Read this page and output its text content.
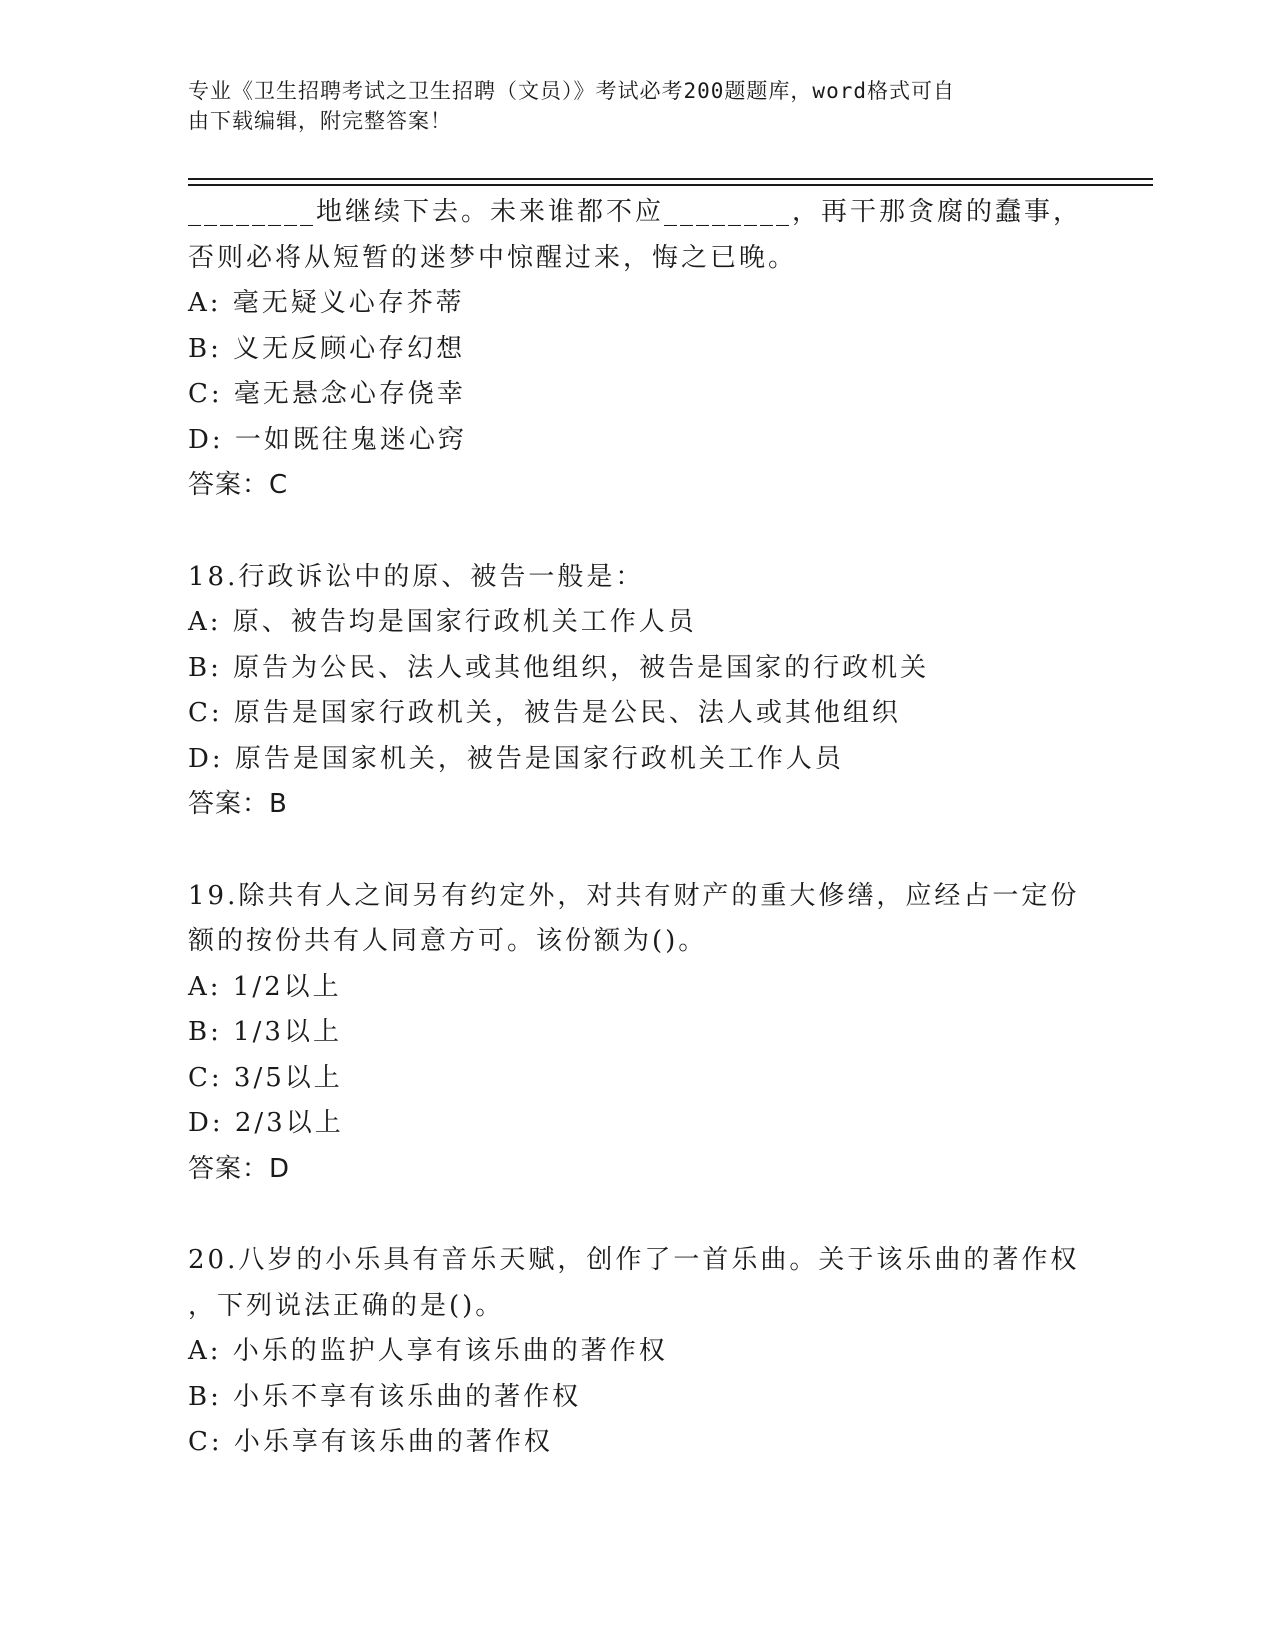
专业《卫生招聘考试之卫生招聘（文员）》考试必考200题题库，word格式可自
由下载编辑，附完整答案！
________地继续下去。未来谁都不应________，再干那贪腐的蠢事，
否则必将从短暂的迷梦中惊醒过来，悔之已晚。
A: 毫无疑义心存芥蒂
B: 义无反顾心存幻想
C: 毫无悬念心存侥幸
D: 一如既往鬼迷心窍
答案：C
18.行政诉讼中的原、被告一般是：
A: 原、被告均是国家行政机关工作人员
B: 原告为公民、法人或其他组织，被告是国家的行政机关
C: 原告是国家行政机关，被告是公民、法人或其他组织
D: 原告是国家机关，被告是国家行政机关工作人员
答案：B
19.除共有人之间另有约定外，对共有财产的重大修缮，应经占一定份
额的按份共有人同意方可。该份额为()。
A: 1/2以上
B: 1/3以上
C: 3/5以上
D: 2/3以上
答案：D
20.八岁的小乐具有音乐天赋，创作了一首乐曲。关于该乐曲的著作权
，下列说法正确的是()。
A: 小乐的监护人享有该乐曲的著作权
B: 小乐不享有该乐曲的著作权
C: 小乐享有该乐曲的著作权
